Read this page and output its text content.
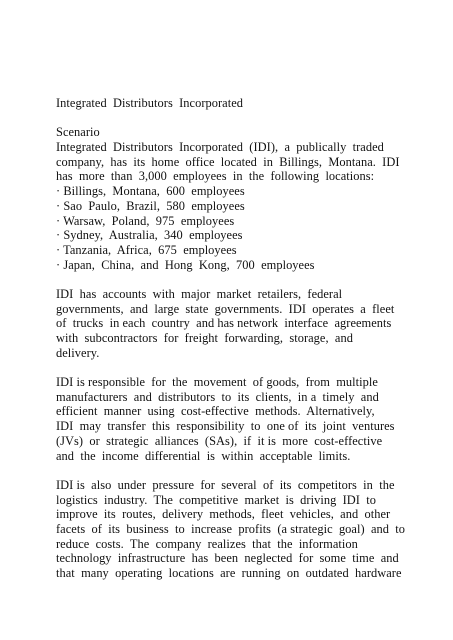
Integrated  Distributors  Incorporated
Scenario
Integrated  Distributors  Incorporated  (IDI),  a  publically  traded
company,  has  its  home  office  located  in  Billings,  Montana.  IDI
has  more  than  3,000  employees  in  the  following  locations:
· Billings,  Montana,  600  employees
· Sao  Paulo,  Brazil,  580  employees
· Warsaw,  Poland,  975  employees
· Sydney,  Australia,  340  employees
· Tanzania,  Africa,  675  employees
· Japan,  China,  and  Hong  Kong,  700  employees
IDI  has  accounts  with  major  market  retailers,  federal
governments,  and  large  state  governments.  IDI  operates  a  fleet
of  trucks  in each  country  and has network  interface  agreements
with  subcontractors  for  freight  forwarding,  storage,  and
delivery.
IDI is responsible  for  the  movement  of goods,  from  multiple
manufacturers  and  distributors  to  its  clients,  in a  timely  and
efficient  manner  using  cost-effective  methods.  Alternatively,
IDI  may  transfer  this  responsibility  to  one of  its  joint  ventures
(JVs)  or  strategic  alliances  (SAs),  if  it is  more  cost-effective
and  the  income  differential  is  within  acceptable  limits.
IDI is  also  under  pressure  for  several  of  its  competitors  in  the
logistics  industry.  The  competitive  market  is  driving  IDI  to
improve  its  routes,  delivery  methods,  fleet  vehicles,  and  other
facets  of  its  business  to  increase  profits  (a strategic  goal)  and  to
reduce  costs.  The  company  realizes  that  the  information
technology  infrastructure  has  been  neglected  for  some  time  and
that  many  operating  locations  are  running  on  outdated  hardware
